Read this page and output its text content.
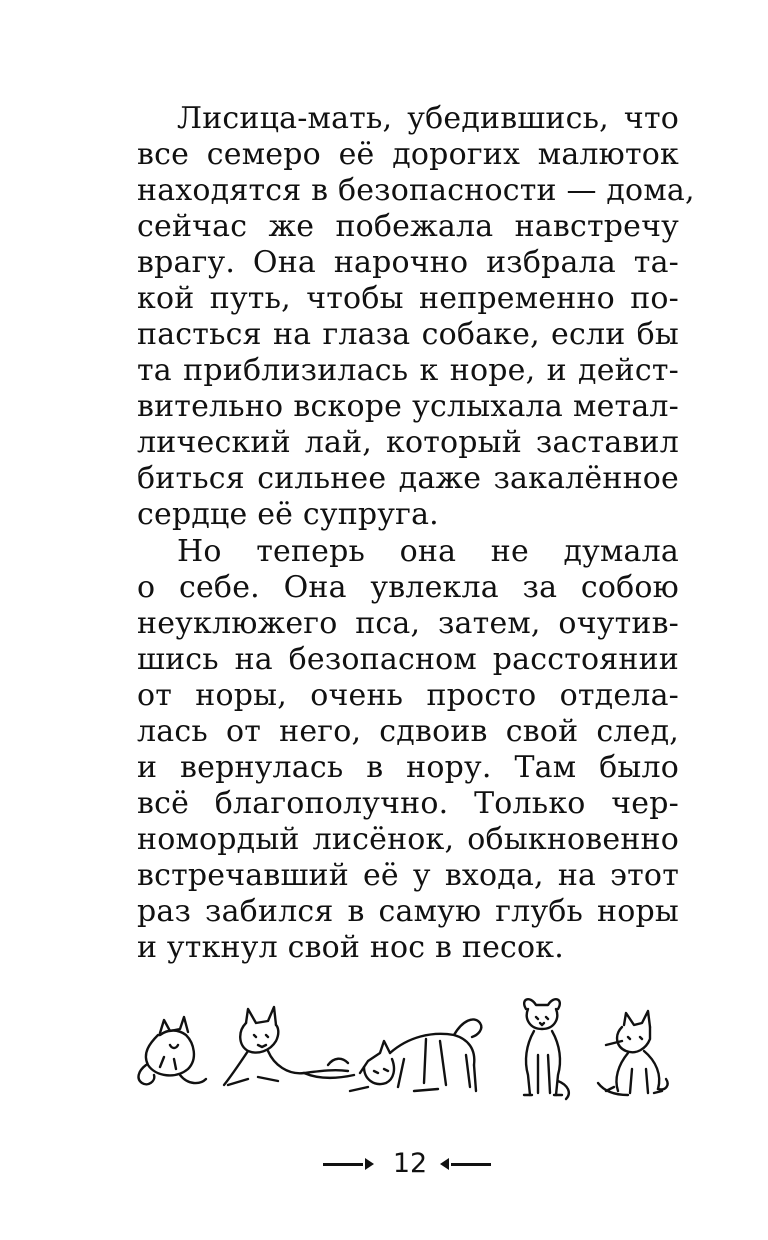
Лисица-мать, убедившись, что
все семеро её дорогих малюток
находятся в безопасности — дома,
сейчас же побежала навстречу
врагу. Она нарочно избрала та-
кой путь, чтобы непременно по-
пасться на глаза собаке, если бы
та приблизилась к норе, и дейст-
вительно вскоре услыхала метал-
лический лай, который заставил
биться сильнее даже закалённое
сердце её супруга.
Но теперь она не думала
о себе. Она увлекла за собою
неуклюжего пса, затем, очутив-
шись на безопасном расстоянии
от норы, очень просто отдела-
лась от него, сдвоив свой след,
и вернулась в нору. Там было
всё благополучно. Только чер-
номордый лисёнок, обыкновенно
встречавший её у входа, на этот
раз забился в самую глубь норы
и уткнул свой нос в песок.
12
